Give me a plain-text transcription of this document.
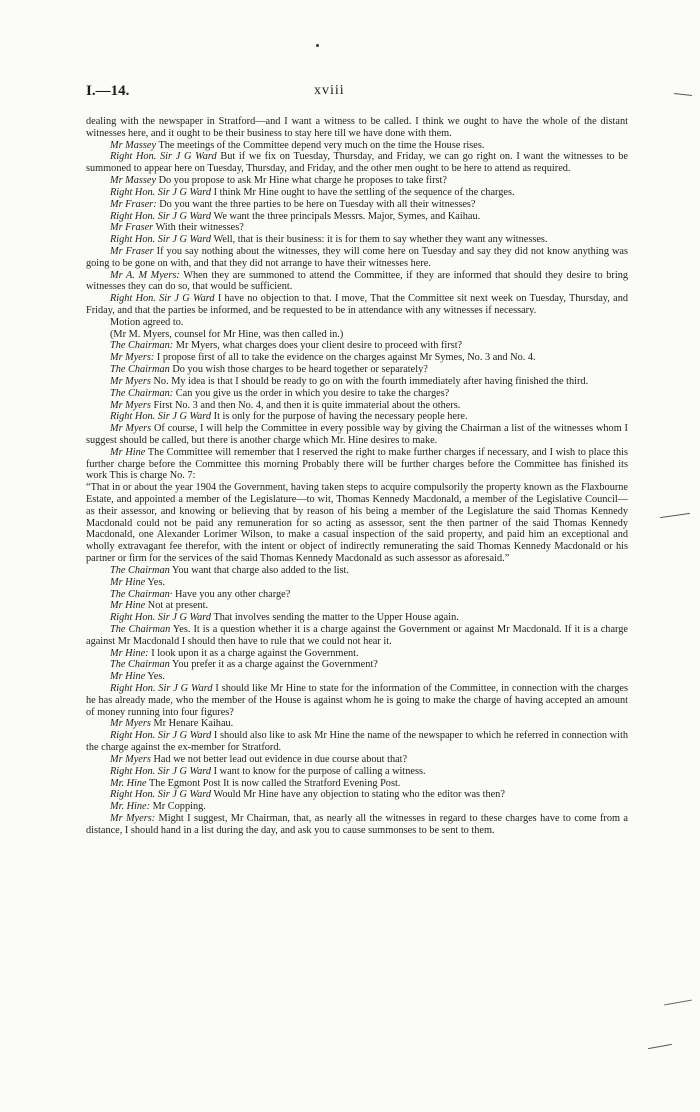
I.—14.	xviii

dealing with the newspaper in Stratford—and I want a witness to be called. I think we ought to have the whole of the distant witnesses here, and it ought to be their business to stay here till we have done with them.

Mr Massey The meetings of the Committee depend very much on the time the House rises.

Right Hon. Sir J G Ward But if we fix on Tuesday, Thursday, and Friday, we can go right on. I want the witnesses to be summoned to appear here on Tuesday, Thursday, and Friday, and the other men ought to be here to attend as required.

Mr Massey Do you propose to ask Mr Hine what charge he proposes to take first?

Right Hon. Sir J G Ward I think Mr Hine ought to have the settling of the sequence of the charges.

Mr Fraser: Do you want the three parties to be here on Tuesday with all their witnesses?

Right Hon. Sir J G Ward We want the three principals Messrs. Major, Symes, and Kaihau.

Mr Fraser With their witnesses?

Right Hon. Sir J G Ward Well, that is their business: it is for them to say whether they want any witnesses.

Mr Fraser If you say nothing about the witnesses, they will come here on Tuesday and say they did not know anything was going to be gone on with, and that they did not arrange to have their witnesses here.

Mr A. M Myers: When they are summoned to attend the Committee, if they are informed that should they desire to bring witnesses they can do so, that would be sufficient.

Right Hon. Sir J G Ward I have no objection to that. I move, That the Committee sit next week on Tuesday, Thursday, and Friday, and that the parties be informed, and be requested to be in attendance with any witnesses if necessary.

Motion agreed to.

(Mr M. Myers, counsel for Mr Hine, was then called in.)

The Chairman: Mr Myers, what charges does your client desire to proceed with first?

Mr Myers: I propose first of all to take the evidence on the charges against Mr Symes, No. 3 and No. 4.

The Chairman Do you wish those charges to be heard together or separately?

Mr Myers No. My idea is that I should be ready to go on with the fourth immediately after having finished the third.

The Chairman: Can you give us the order in which you desire to take the charges?

Mr Myers First No. 3 and then No. 4, and then it is quite immaterial about the others.

Right Hon. Sir J G Ward It is only for the purpose of having the necessary people here.

Mr Myers Of course, I will help the Committee in every possible way by giving the Chairman a list of the witnesses whom I suggest should be called, but there is another charge which Mr. Hine desires to make.

Mr Hine The Committee will remember that I reserved the right to make further charges if necessary, and I wish to place this further charge before the Committee this morning Probably there will be further charges before the Committee has finished its work This is charge No. 7:

“That in or about the year 1904 the Government, having taken steps to acquire compulsorily the property known as the Flaxbourne Estate, and appointed a member of the Legislature—to wit, Thomas Kennedy Macdonald, a member of the Legislative Council—as their assessor, and knowing or believing that by reason of his being a member of the Legislature the said Thomas Kennedy Macdonald could not be paid any remuneration for so acting as assessor, sent the then partner of the said Thomas Kennedy Macdonald, one Alexander Lorimer Wilson, to make a casual inspection of the said property, and paid him an exceptional and wholly extravagant fee therefor, with the intent or object of indirectly remunerating the said Thomas Kennedy Macdonald or his partner or firm for the services of the said Thomas Kennedy Macdonald as such assessor as aforesaid.”

The Chairman You want that charge also added to the list.

Mr Hine Yes.

The Chairman· Have you any other charge?

Mr Hine Not at present.

Right Hon. Sir J G Ward That involves sending the matter to the Upper House again.

The Chairman Yes. It is a question whether it is a charge against the Government or against Mr Macdonald. If it is a charge against Mr Macdonald I should then have to rule that we could not hear it.

Mr Hine: I look upon it as a charge against the Government.

The Chairman You prefer it as a charge against the Government?

Mr Hine Yes.

Right Hon. Sir J G Ward I should like Mr Hine to state for the information of the Committee, in connection with the charges he has already made, who the member of the House is against whom he is going to make the charge of having accepted an amount of money running into four figures?

Mr Myers Mr Henare Kaihau.

Right Hon. Sir J G Ward I should also like to ask Mr Hine the name of the newspaper to which he referred in connection with the charge against the ex-member for Stratford.

Mr Myers Had we not better lead out evidence in due course about that?

Right Hon. Sir J G Ward I want to know for the purpose of calling a witness.

Mr. Hine The Egmont Post It is now called the Stratford Evening Post.

Right Hon. Sir J G Ward Would Mr Hine have any objection to stating who the editor was then?

Mr. Hine: Mr Copping.

Mr Myers: Might I suggest, Mr Chairman, that, as nearly all the witnesses in regard to these charges have to come from a distance, I should hand in a list during the day, and ask you to cause summonses to be sent to them.
